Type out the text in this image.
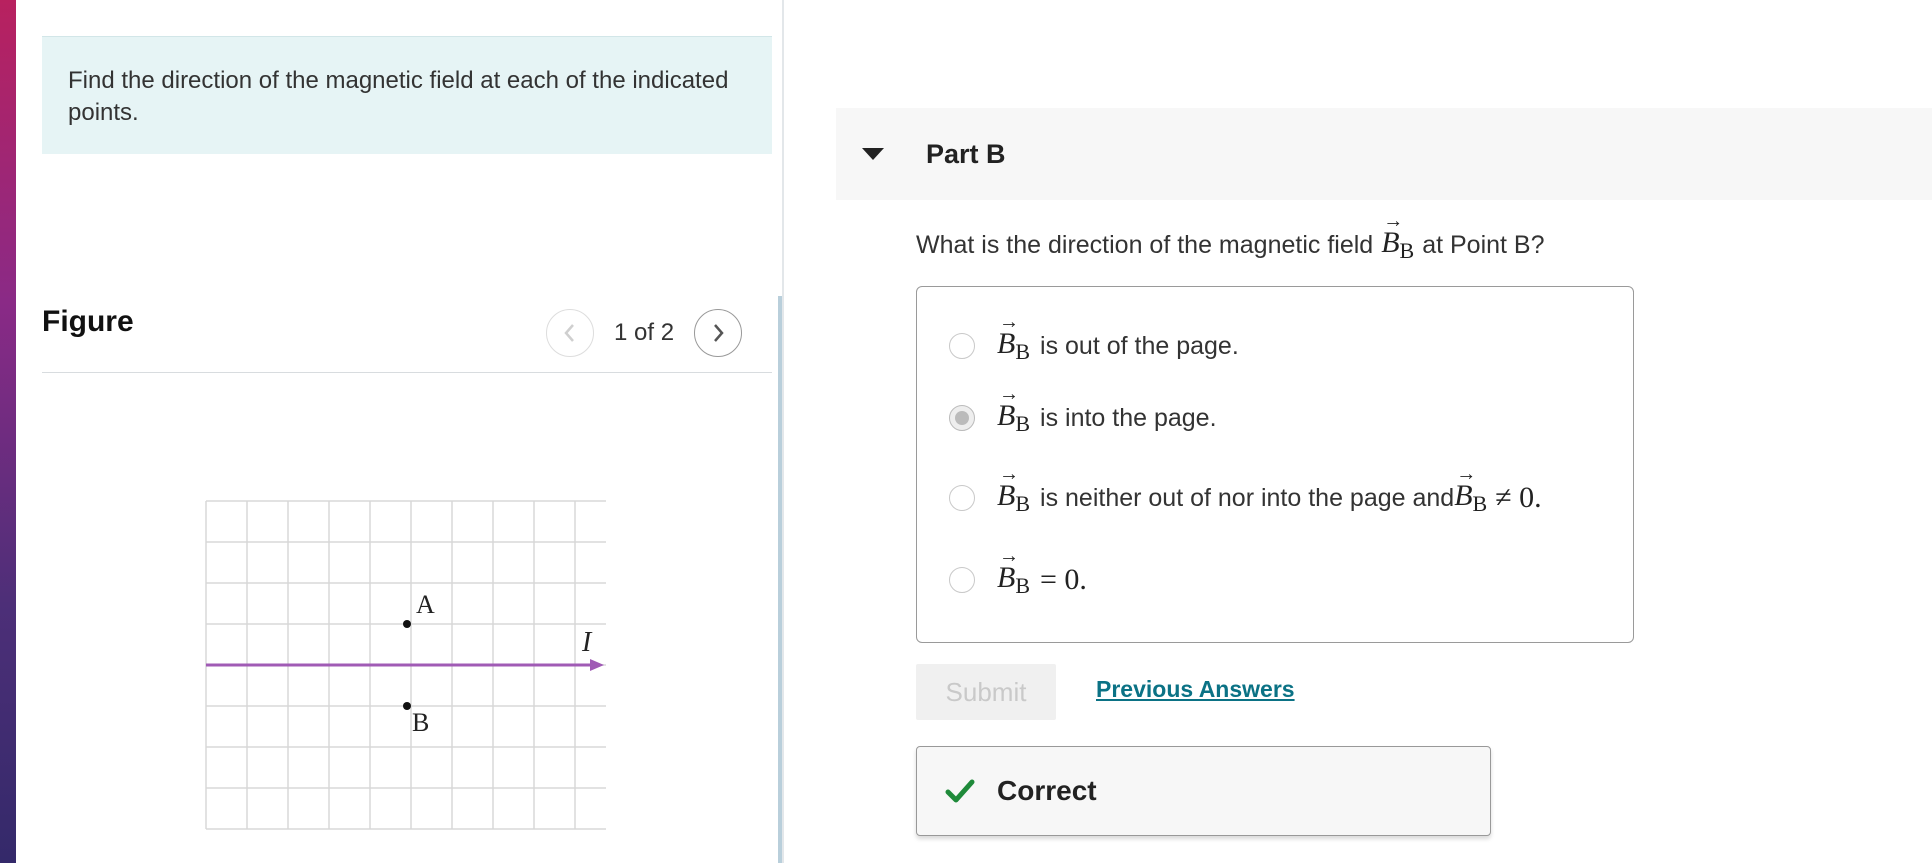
Find the direction of the magnetic field at each of the indicated points.
Figure	1 of 2
A
B
I
Part B
What is the direction of the magnetic field → $B_B$ at Point B?
→ $B_B$ is out of the page.
→ $B_B$ is into the page.
→ $B_B$ is neither out of nor into the page and → $B_B \ne 0$.
→ $B_B = 0$.
Submit	Previous Answers
Correct
